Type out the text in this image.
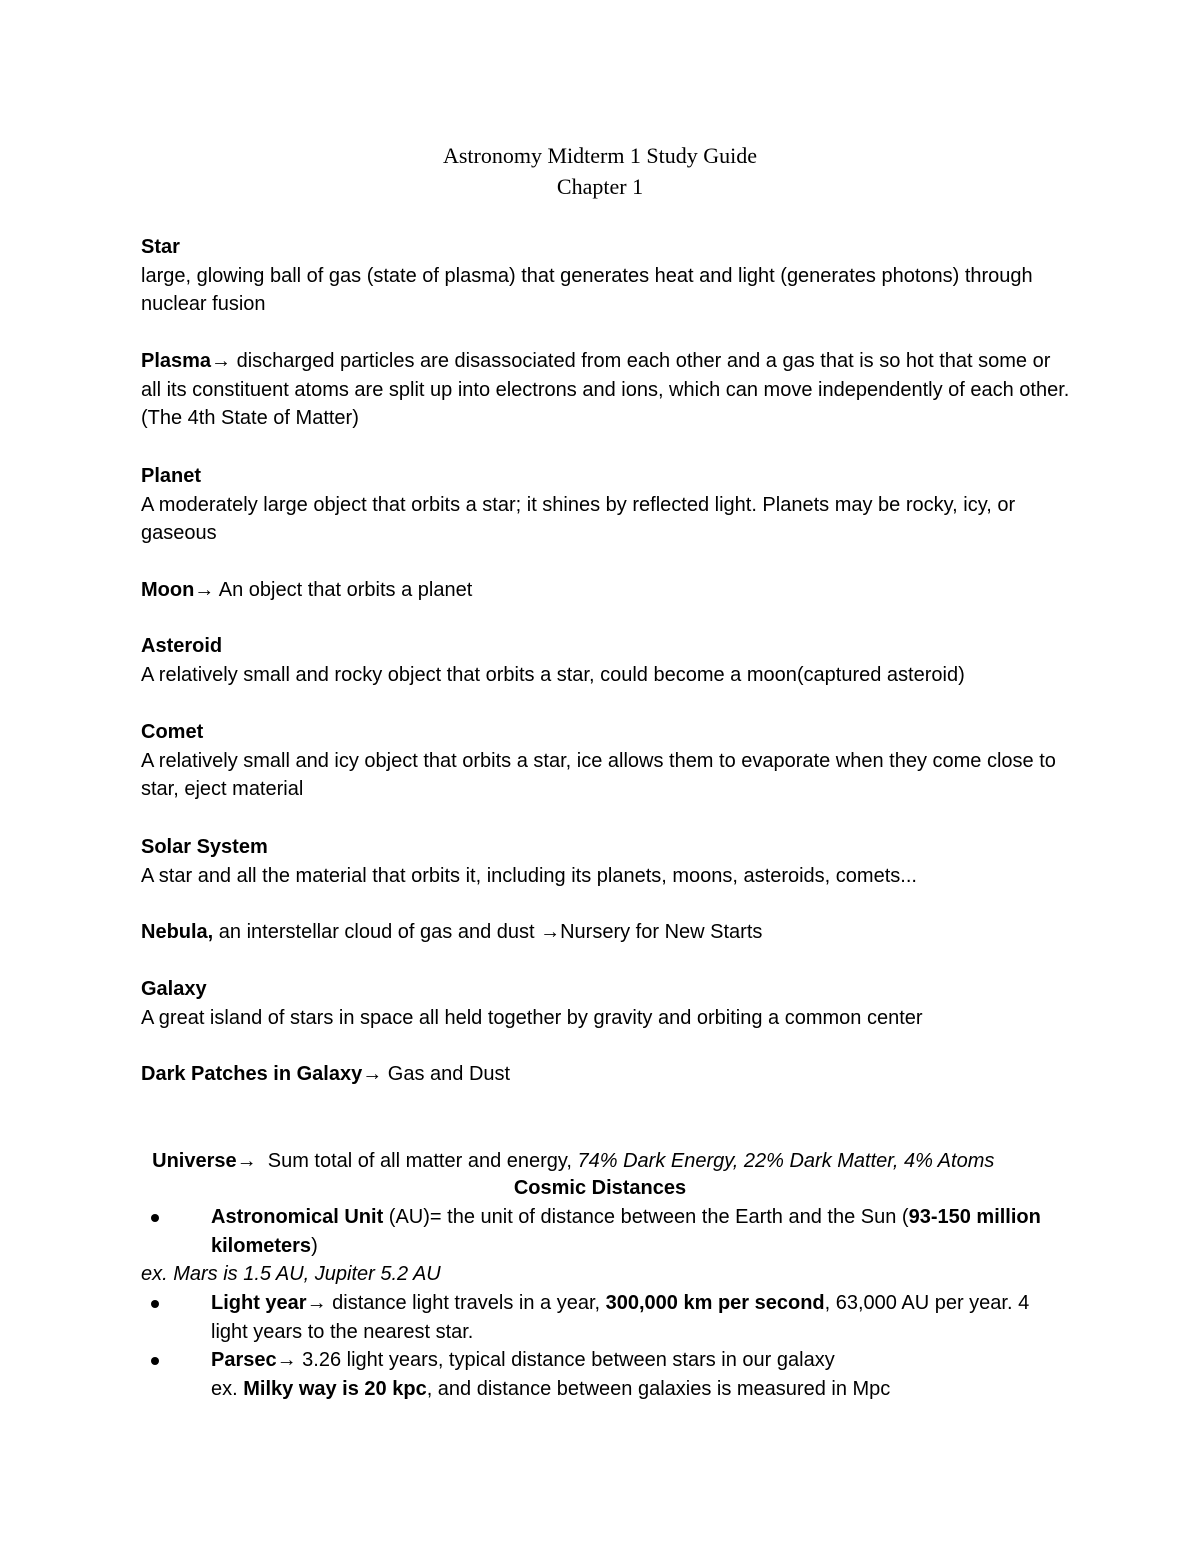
Astronomy Midterm 1 Study Guide
Chapter 1
Star
large, glowing ball of gas (state of plasma) that generates heat and light (generates photons) through nuclear fusion
Plasma→ discharged particles are disassociated from each other and a gas that is so hot that some or all its constituent atoms are split up into electrons and ions, which can move independently of each other. (The 4th State of Matter)
Planet
A moderately large object that orbits a star; it shines by reflected light. Planets may be rocky, icy, or gaseous
Moon→ An object that orbits a planet
Asteroid
A relatively small and rocky object that orbits a star, could become a moon(captured asteroid)
Comet
A relatively small and icy object that orbits a star, ice allows them to evaporate when they come close to star, eject material
Solar System
A star and all the material that orbits it, including its planets, moons, asteroids, comets...
Nebula, an interstellar cloud of gas and dust →Nursery for New Starts
Galaxy
A great island of stars in space all held together by gravity and orbiting a common center
Dark Patches in Galaxy→ Gas and Dust

Universe→  Sum total of all matter and energy, 74% Dark Energy, 22% Dark Matter, 4% Atoms

Cosmic Distances
Astronomical Unit (AU)= the unit of distance between the Earth and the Sun (93-150 million kilometers)
ex. Mars is 1.5 AU, Jupiter 5.2 AU
Light year→ distance light travels in a year, 300,000 km per second, 63,000 AU per year. 4 light years to the nearest star.
Parsec→ 3.26 light years, typical distance between stars in our galaxy
ex. Milky way is 20 kpc, and distance between galaxies is measured in Mpc
